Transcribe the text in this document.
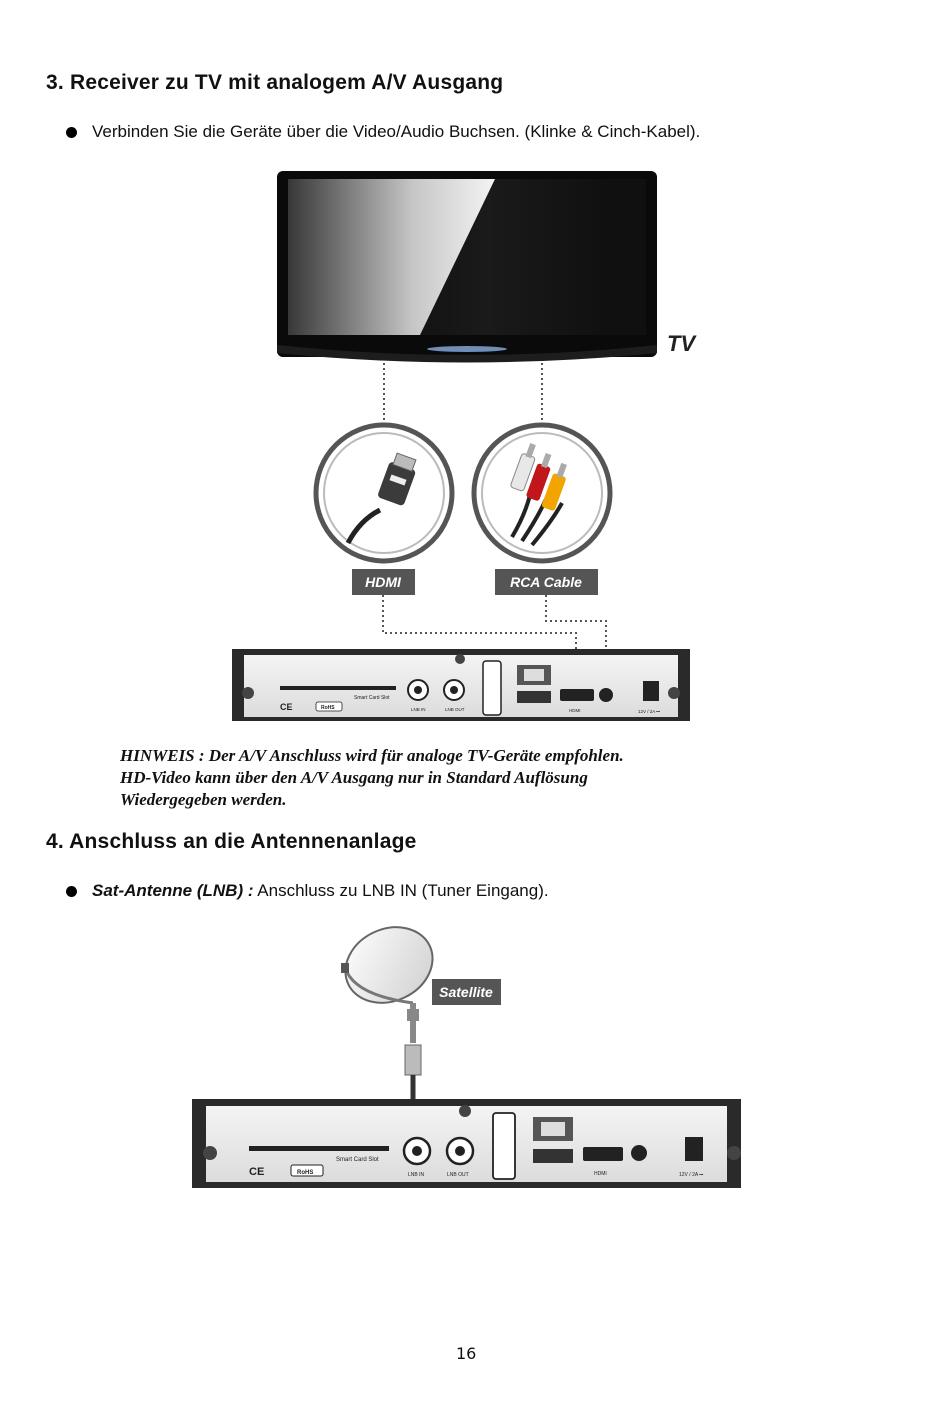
3. Receiver zu TV mit analogem A/V Ausgang
Verbinden Sie die Geräte über die Video/Audio Buchsen. (Klinke & Cinch-Kabel).
TV
HDMI	RCA Cable
Smart Card Slot
CE	RoHS	LNB IN	LNB OUT	HDMI	12V / 2A ⎓
HINWEIS : Der A/V Anschluss wird für analoge TV-Geräte empfohlen.
HD-Video kann über den A/V Ausgang nur in Standard Auflösung
Wiedergegeben werden.
4. Anschluss an die Antennenanlage
Sat-Antenne (LNB) : Anschluss zu LNB IN (Tuner Eingang).
Satellite
Smart Card Slot
CE	RoHS	LNB IN	LNB OUT	HDMI	12V / 2A ⎓
16
